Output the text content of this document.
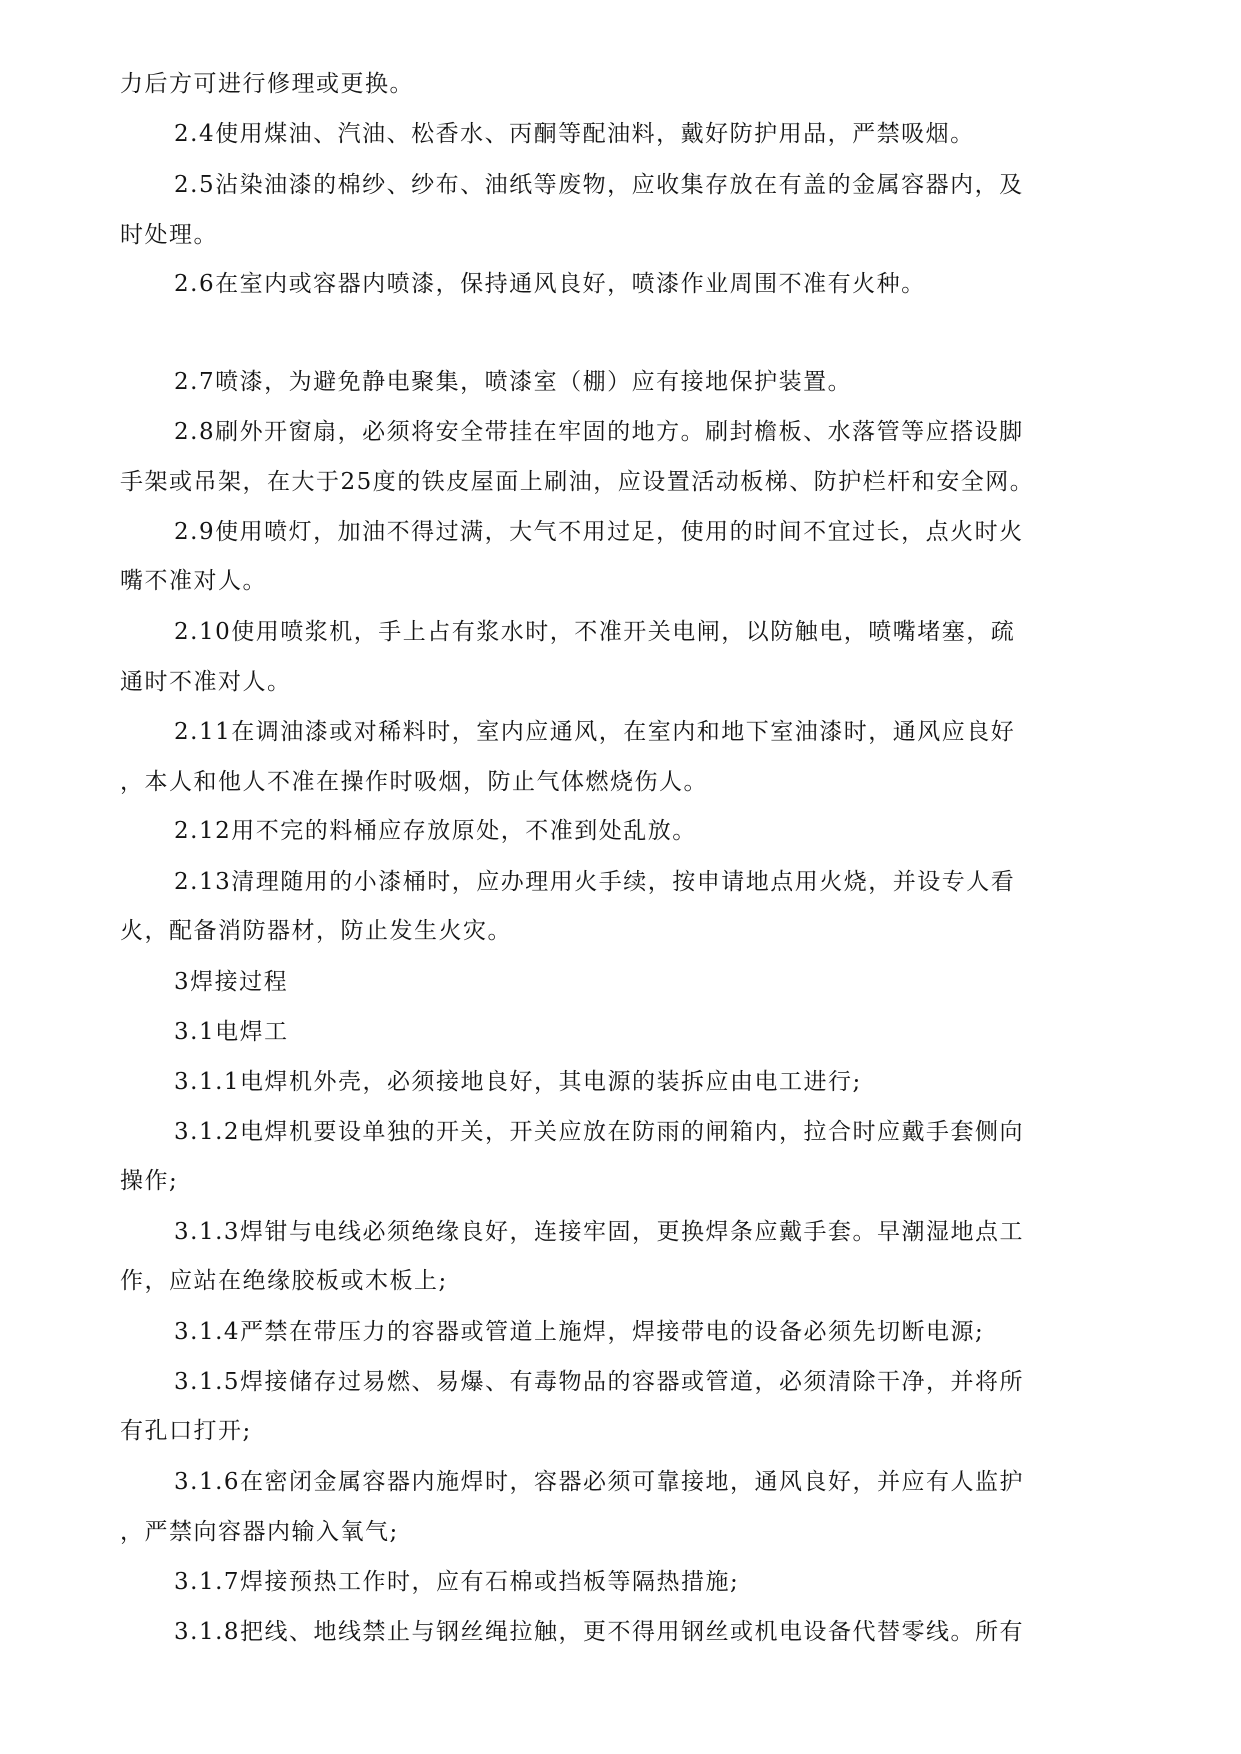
力后方可进行修理或更换。
2.4使用煤油、汽油、松香水、丙酮等配油料，戴好防护用品，严禁吸烟。
2.5沾染油漆的棉纱、纱布、油纸等废物，应收集存放在有盖的金属容器内，及
时处理。
2.6在室内或容器内喷漆，保持通风良好，喷漆作业周围不准有火种。
2.7喷漆，为避免静电聚集，喷漆室（棚）应有接地保护装置。
2.8刷外开窗扇，必须将安全带挂在牢固的地方。刷封檐板、水落管等应搭设脚
手架或吊架，在大于25度的铁皮屋面上刷油，应设置活动板梯、防护栏杆和安全网。
2.9使用喷灯，加油不得过满，大气不用过足，使用的时间不宜过长，点火时火
嘴不准对人。
2.10使用喷浆机，手上占有浆水时，不准开关电闸，以防触电，喷嘴堵塞，疏
通时不准对人。
2.11在调油漆或对稀料时，室内应通风，在室内和地下室油漆时，通风应良好
，本人和他人不准在操作时吸烟，防止气体燃烧伤人。
2.12用不完的料桶应存放原处，不准到处乱放。
2.13清理随用的小漆桶时，应办理用火手续，按申请地点用火烧，并设专人看
火，配备消防器材，防止发生火灾。
3焊接过程
3.1电焊工
3.1.1电焊机外壳，必须接地良好，其电源的装拆应由电工进行;
3.1.2电焊机要设单独的开关，开关应放在防雨的闸箱内，拉合时应戴手套侧向
操作;
3.1.3焊钳与电线必须绝缘良好，连接牢固，更换焊条应戴手套。早潮湿地点工
作，应站在绝缘胶板或木板上;
3.1.4严禁在带压力的容器或管道上施焊，焊接带电的设备必须先切断电源;
3.1.5焊接储存过易燃、易爆、有毒物品的容器或管道，必须清除干净，并将所
有孔口打开;
3.1.6在密闭金属容器内施焊时，容器必须可靠接地，通风良好，并应有人监护
，严禁向容器内输入氧气;
3.1.7焊接预热工作时，应有石棉或挡板等隔热措施;
3.1.8把线、地线禁止与钢丝绳拉触，更不得用钢丝或机电设备代替零线。所有
